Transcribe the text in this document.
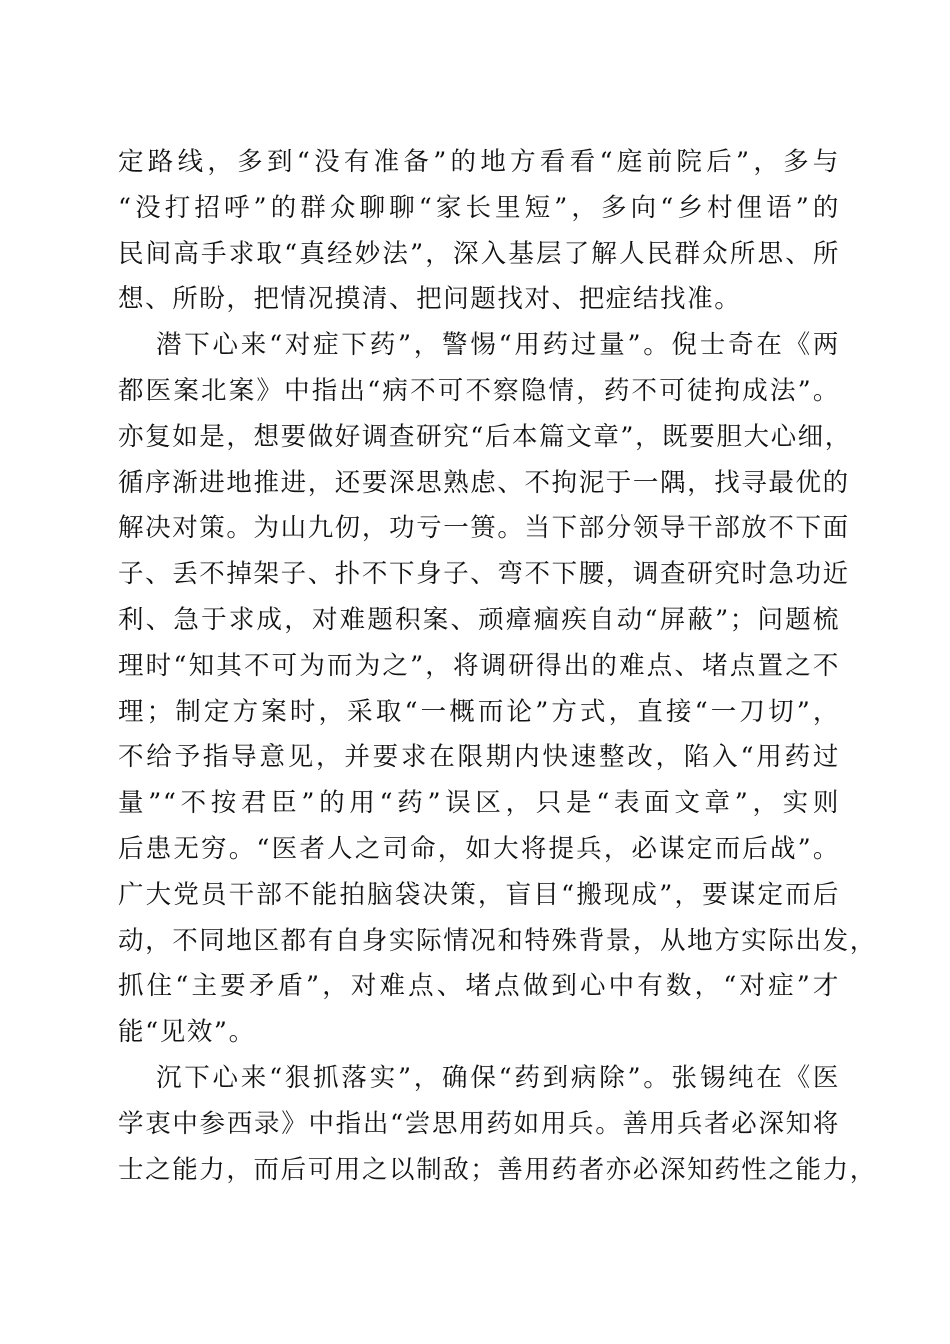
定路线，多到“没有准备”的地方看看“庭前院后”，多与
“没打招呼”的群众聊聊“家长里短”，多向“乡村俚语”的
民间高手求取“真经妙法”，深入基层了解人民群众所思、所
想、所盼，把情况摸清、把问题找对、把症结找准。
潜下心来“对症下药”，警惕“用药过量”。倪士奇在《两
都医案北案》中指出“病不可不察隐情，药不可徒拘成法”。
亦复如是，想要做好调查研究“后本篇文章”，既要胆大心细，
循序渐进地推进，还要深思熟虑、不拘泥于一隅，找寻最优的
解决对策。为山九仞，功亏一篑。当下部分领导干部放不下面
子、丢不掉架子、扑不下身子、弯不下腰，调查研究时急功近
利、急于求成，对难题积案、顽瘴痼疾自动“屏蔽”；问题梳
理时“知其不可为而为之”，将调研得出的难点、堵点置之不
理；制定方案时，采取“一概而论”方式，直接“一刀切”，
不给予指导意见，并要求在限期内快速整改，陷入“用药过
量”“不按君臣”的用“药”误区，只是“表面文章”，实则
后患无穷。“医者人之司命，如大将提兵，必谋定而后战”。
广大党员干部不能拍脑袋决策，盲目“搬现成”，要谋定而后
动，不同地区都有自身实际情况和特殊背景，从地方实际出发，
抓住“主要矛盾”，对难点、堵点做到心中有数，“对症”才
能“见效”。
沉下心来“狠抓落实”，确保“药到病除”。张锡纯在《医
学衷中参西录》中指出“尝思用药如用兵。善用兵者必深知将
士之能力，而后可用之以制敌；善用药者亦必深知药性之能力，
